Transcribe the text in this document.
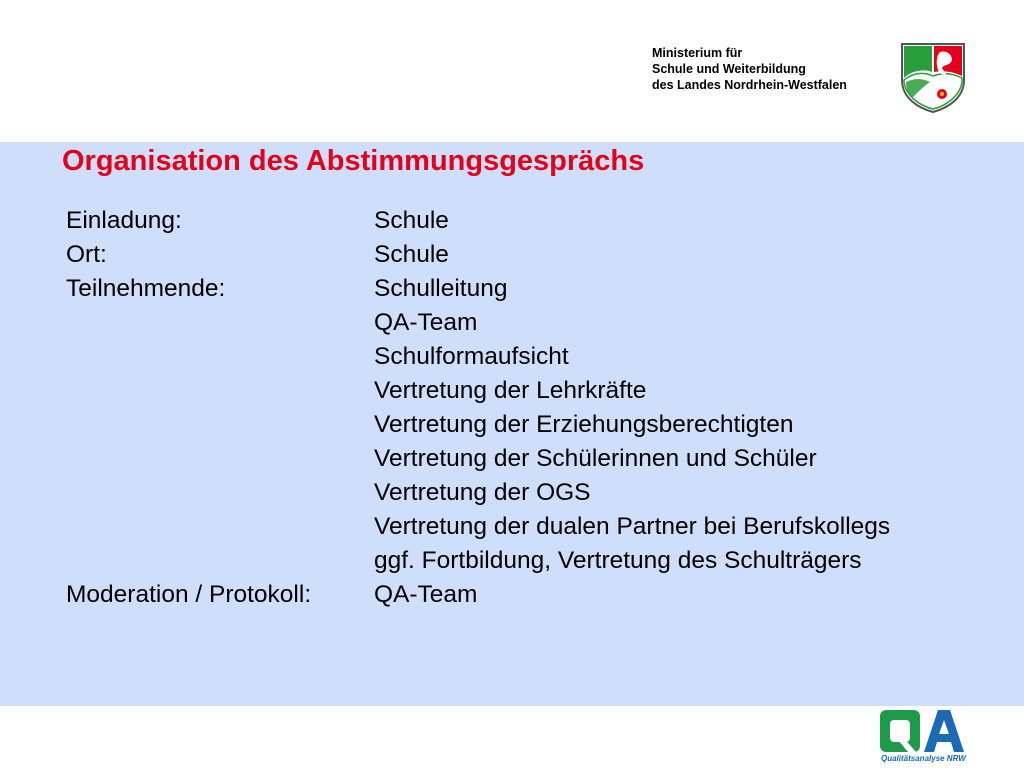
Ministerium für
Schule und Weiterbildung
des Landes Nordrhein-Westfalen
Organisation des Abstimmungsgesprächs
Einladung:	Schule
Ort:	Schule
Teilnehmende:	Schulleitung
QA-Team
Schulformaufsicht
Vertretung der Lehrkräfte
Vertretung der Erziehungsberechtigten
Vertretung der Schülerinnen und Schüler
Vertretung der OGS
Vertretung der dualen Partner bei Berufskollegs
ggf. Fortbildung, Vertretung des Schulträgers
Moderation / Protokoll:	QA-Team
Qualitätsanalyse NRW
